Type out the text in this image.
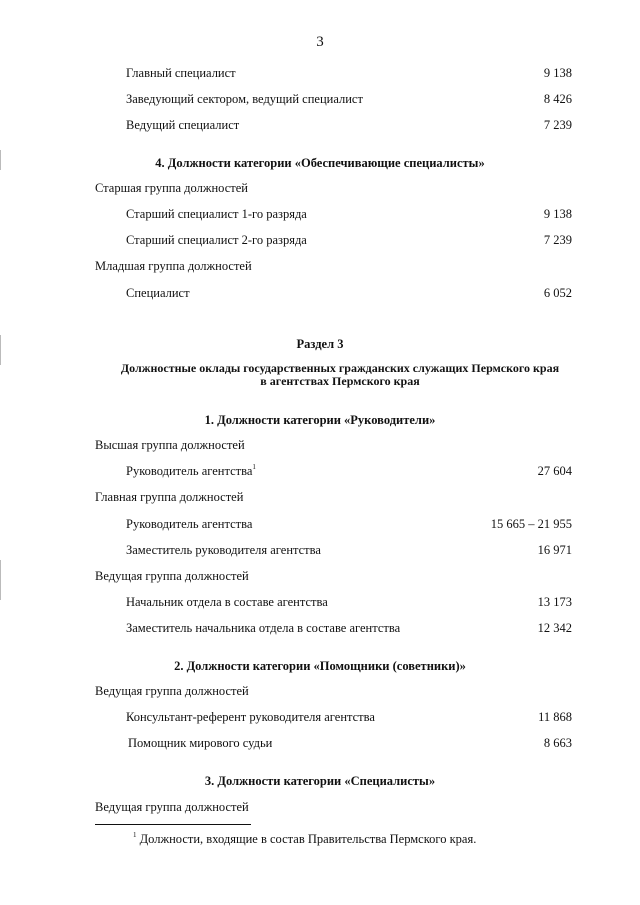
3
Главный специалист	9 138
Заведующий сектором, ведущий специалист	8 426
Ведущий специалист	7 239
4. Должности категории «Обеспечивающие специалисты»
Старшая группа должностей
Старший специалист 1-го разряда	9 138
Старший специалист 2-го разряда	7 239
Младшая группа должностей
Специалист	6 052
Раздел 3
Должностные оклады государственных гражданских служащих Пермского края
в агентствах Пермского края
1. Должности категории «Руководители»
Высшая группа должностей
Руководитель агентства$^1$	27 604
Главная группа должностей
Руководитель агентства	15 665 – 21 955
Заместитель руководителя агентства	16 971
Ведущая группа должностей
Начальник отдела в составе агентства	13 173
Заместитель начальника отдела в составе агентства	12 342
2. Должности категории «Помощники (советники)»
Ведущая группа должностей
Консультант-референт руководителя агентства	11 868
Помощник мирового судьи	8 663
3. Должности категории «Специалисты»
Ведущая группа должностей
$^1$ Должности, входящие в состав Правительства Пермского края.
